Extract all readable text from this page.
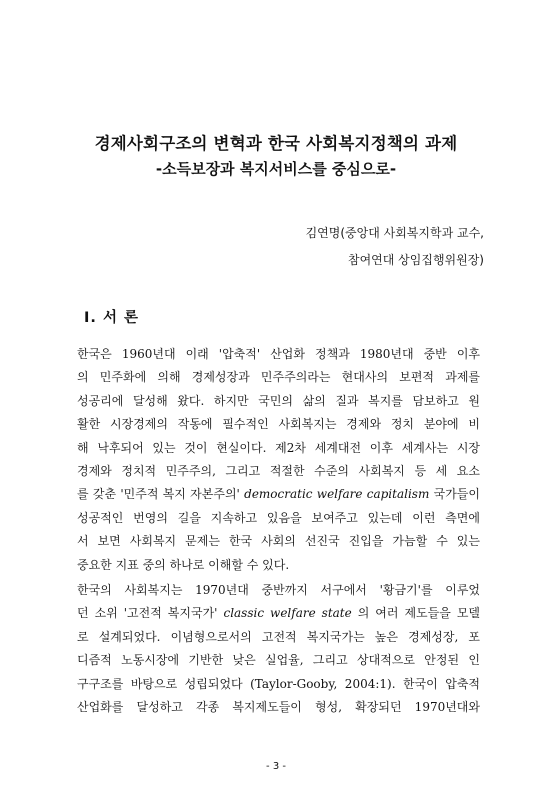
경제사회구조의 변혁과 한국 사회복지정책의 과제
-소득보장과 복지서비스를 중심으로-
김연명(중앙대 사회복지학과 교수,
참여연대 상임집행위원장)
Ⅰ. 서 론
한국은 1960년대 이래 '압축적' 산업화 정책과 1980년대 중반 이후
의 민주화에 의해 경제성장과 민주주의라는 현대사의 보편적 과제를
성공리에 달성해 왔다. 하지만 국민의 삶의 질과 복지를 담보하고 원
활한 시장경제의 작동에 필수적인 사회복지는 경제와 정치 분야에 비
해 낙후되어 있는 것이 현실이다. 제2차 세계대전 이후 세계사는 시장
경제와 정치적 민주주의, 그리고 적절한 수준의 사회복지 등 세 요소
를 갖춘 '민주적 복지 자본주의' democratic welfare capitalism 국가들이
성공적인 번영의 길을 지속하고 있음을 보여주고 있는데 이런 측면에
서 보면 사회복지 문제는 한국 사회의 선진국 진입을 가늠할 수 있는
중요한 지표 중의 하나로 이해할 수 있다.
한국의 사회복지는 1970년대 중반까지 서구에서 '황금기'를 이루었
던 소위 '고전적 복지국가' classic welfare state 의 여러 제도들을 모델
로 설계되었다. 이념형으로서의 고전적 복지국가는 높은 경제성장, 포
디즘적 노동시장에 기반한 낮은 실업율, 그리고 상대적으로 안정된 인
구구조를 바탕으로 성립되었다 (Taylor-Gooby, 2004:1). 한국이 압축적
산업화를 달성하고 각종 복지제도들이 형성, 확장되던 1970년대와
- 3 -
